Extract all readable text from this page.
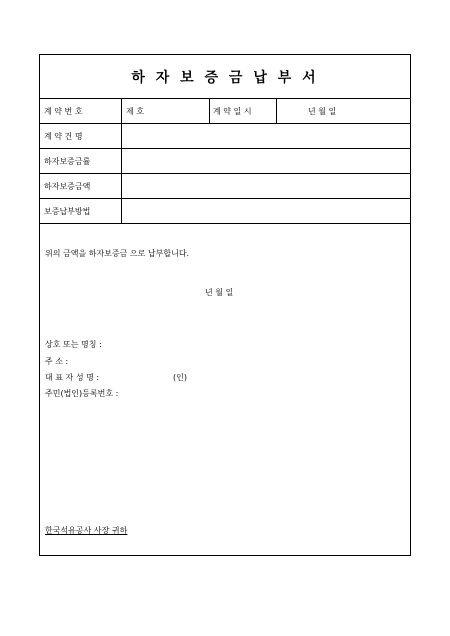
하 자 보 증 금 납 부 서
계 약 번 호	제 호	계 약 일 시	년 월 일
계 약 건 명
하자보증금률
하자보증금액
보증납부방법
위의 금액을 하자보증금 으로 납부합니다.
년 월 일
상호 또는 명칭 :
주 소 :
대 표 자 성 명 :	(인)
주민(법인)등록번호 :
한국석유공사 사장 귀하
